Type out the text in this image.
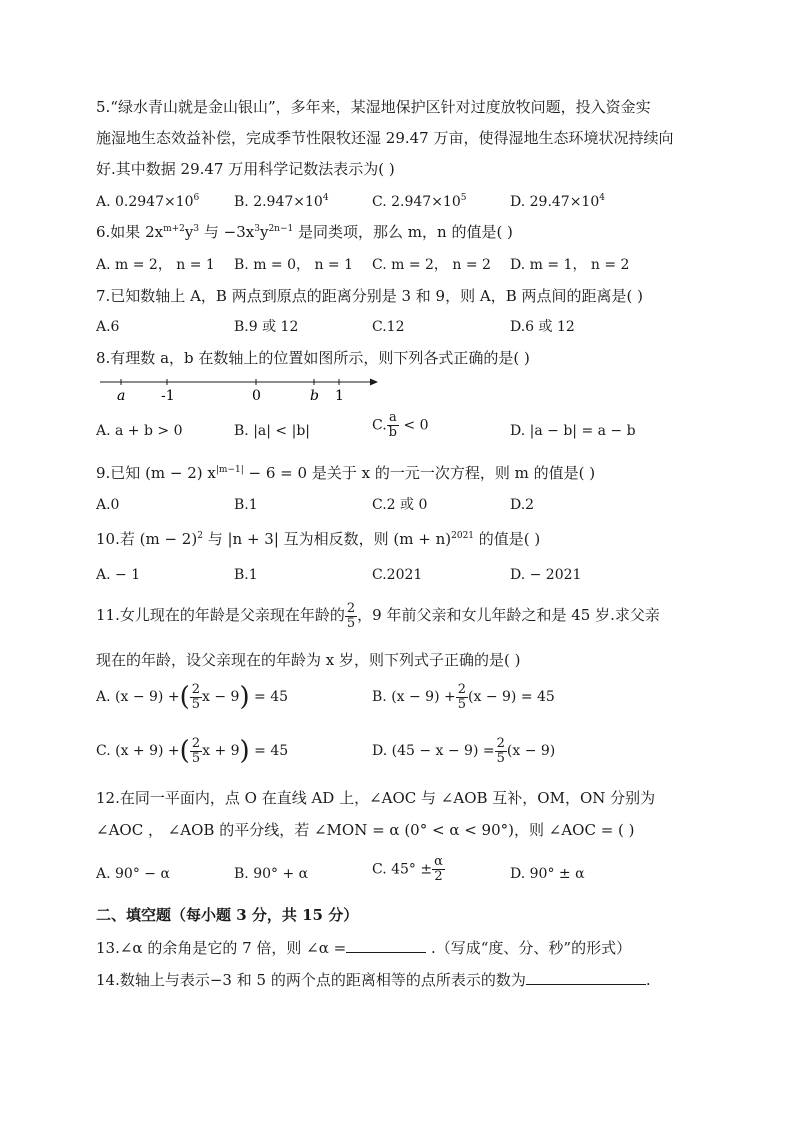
5.“绿水青山就是金山银山”，多年来，某湿地保护区针对过度放牧问题，投入资金实
施湿地生态效益补偿，完成季节性限牧还湿 29.47 万亩，使得湿地生态环境状况持续向
好.其中数据 29.47 万用科学记数法表示为( )
A. $0.2947\times 10^6$ B. $2.947\times 10^4$	C. $2.947\times 10^5$	D. $29.47\times 10^4$
6.如果 $2x^{m+2}y^3$ 与 $-3x^3y^{2n-1}$ 是同类项，那么 m，n 的值是( )
A. m = 2， n = 1 B. m = 0， n = 1 C. m = 2， n = 2 D. m = 1， n = 2
7.已知数轴上 A，B 两点到原点的距离分别是 3 和 9，则 A，B 两点间的距离是( )
A.6	B.9 或 12	C.12	D.6 或 12
8.有理数 a，b 在数轴上的位置如图所示，则下列各式正确的是( )
a	-1	0	b 1
A. a + b > 0	B. |a| < |b|	C. $\frac{a}{b} < 0$	D. |a − b| = a − b
9.已知 (m − 2) $x^{|m-1|} - 6 = 0$ 是关于 x 的一元一次方程，则 m 的值是( )
A.0	B.1	C.2 或 0	D.2
10.若 $(m - 2)^2$ 与 |n + 3| 互为相反数，则 $(m + n)^{2021}$ 的值是( )
A. − 1	B.1	C.2021	D. − 2021
11.女儿现在的年龄是父亲现在年龄的 $\frac{2}{5}$ ，9 年前父亲和女儿年龄之和是 45 岁.求父亲
现在的年龄，设父亲现在的年龄为 x 岁，则下列式子正确的是( )
A. (x − 9) +( $\frac{2}{5}$ x − 9) = 45	B. $(x - 9) + \frac{2}{5} (x - 9) = 45$
C. (x + 9) +( $\frac{2}{5}$ x + 9) = 45	D. $(45 - x - 9) = \frac{2}{5} (x - 9)$
12.在同一平面内，点 O 在直线 AD 上，∠AOC 与 ∠AOB 互补，OM，ON 分别为
∠AOC ， ∠AOB 的平分线，若 ∠MON = α (0° < α < 90°)，则 ∠AOC = ( )
A. 90° − α	B. 90° + α	C. $45^\circ \pm \frac{\alpha}{2}$	D. 90° ± α
二、填空题（每小题 3 分，共 15 分）
13.∠α 的余角是它的 7 倍，则 ∠α =	.（写成“度、分、秒”的形式）
14.数轴上与表示−3 和 5 的两个点的距离相等的点所表示的数为	.
